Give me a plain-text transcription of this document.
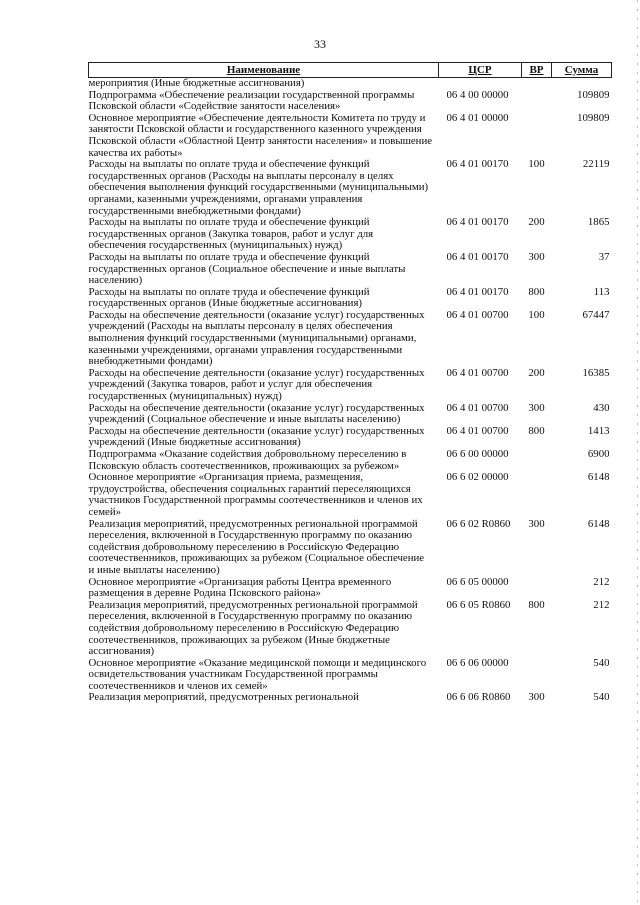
33
Наименование	ЦСР	ВР	Сумма
мероприятия (Иные бюджетные ассигнования)			
Подпрограмма «Обеспечение реализации государственной программы Псковской области «Содействие занятости населения»	06 4 00 00000		109809
Основное мероприятие «Обеспечение деятельности Комитета по труду и занятости Псковской области и государственного казенного учреждения Псковской области «Областной Центр занятости населения» и повышение качества их работы»	06 4 01 00000		109809
Расходы на выплаты по оплате труда и обеспечение функций государственных органов (Расходы на выплаты персоналу в целях обеспечения выполнения функций государственными (муниципальными) органами, казенными учреждениями, органами управления государственными внебюджетными фондами)	06 4 01 00170	100	22119
Расходы на выплаты по оплате труда и обеспечение функций государственных органов (Закупка товаров, работ и услуг для обеспечения государственных (муниципальных) нужд)	06 4 01 00170	200	1865
Расходы на выплаты по оплате труда и обеспечение функций государственных органов (Социальное обеспечение и иные выплаты населению)	06 4 01 00170	300	37
Расходы на выплаты по оплате труда и обеспечение функций государственных органов (Иные бюджетные ассигнования)	06 4 01 00170	800	113
Расходы на обеспечение деятельности (оказание услуг) государственных учреждений (Расходы на выплаты персоналу в целях обеспечения выполнения функций государственными (муниципальными) органами, казенными учреждениями, органами управления государственными внебюджетными фондами)	06 4 01 00700	100	67447
Расходы на обеспечение деятельности (оказание услуг) государственных учреждений (Закупка товаров, работ и услуг для обеспечения государственных (муниципальных) нужд)	06 4 01 00700	200	16385
Расходы на обеспечение деятельности (оказание услуг) государственных учреждений (Социальное обеспечение и иные выплаты населению)	06 4 01 00700	300	430
Расходы на обеспечение деятельности (оказание услуг) государственных учреждений (Иные бюджетные ассигнования)	06 4 01 00700	800	1413
Подпрограмма «Оказание содействия добровольному переселению в Псковскую область соотечественников, проживающих за рубежом»	06 6 00 00000		6900
Основное мероприятие «Организация приема, размещения, трудоустройства, обеспечения социальных гарантий переселяющихся участников Государственной программы соотечественников и членов их семей»	06 6 02 00000		6148
Реализация мероприятий, предусмотренных региональной программой переселения, включенной в Государственную программу по оказанию содействия добровольному переселению в Российскую Федерацию соотечественников, проживающих за рубежом (Социальное обеспечение и иные выплаты населению)	06 6 02 R0860	300	6148
Основное мероприятие «Организация работы Центра временного размещения в деревне Родина Псковского района»	06 6 05 00000		212
Реализация мероприятий, предусмотренных региональной программой переселения, включенной в Государственную программу по оказанию содействия добровольному переселению в Российскую Федерацию соотечественников, проживающих за рубежом (Иные бюджетные ассигнования)	06 6 05 R0860	800	212
Основное мероприятие «Оказание медицинской помощи и медицинского освидетельствования участникам Государственной программы соотечественников и членов их семей»	06 6 06 00000		540
Реализация мероприятий, предусмотренных региональной	06 6 06 R0860	300	540
